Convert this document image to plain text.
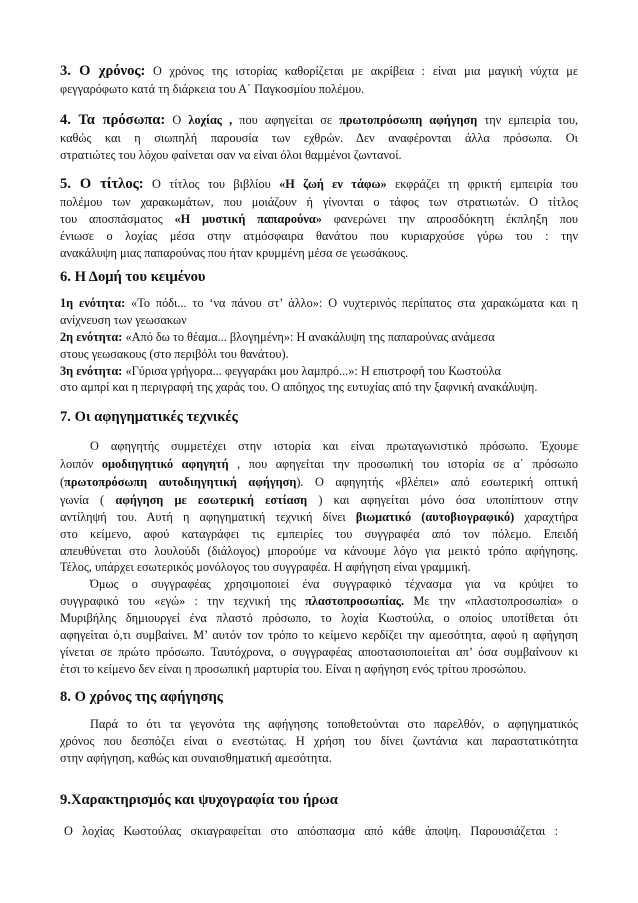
3. Ο χρόνος: Ο χρόνος της ιστορίας καθορίζεται με ακρίβεια : είναι μια μαγική νύχτα με
φεγγαρόφωτο κατά τη διάρκεια του Α΄ Παγκοσμίου πολέμου.
4. Τα πρόσωπα: Ο λοχίας , που αφηγείται σε πρωτοπρόσωπη αφήγηση την εμπειρία του,
καθώς και η σιωπηλή παρουσία των εχθρών. Δεν αναφέρονται άλλα πρόσωπα. Οι
στρατιώτες του λόχου φαίνεται σαν να είναι όλοι θαμμένοι ζωντανοί.
5. Ο τίτλος: Ο τίτλος του βιβλίου «Η ζωή εν τάφω» εκφράζει τη φρικτή εμπειρία του
πολέμου των χαρακωμάτων, που μοιάζουν ή γίνονται ο τάφος των στρατιωτών. Ο τίτλος
του αποσπάσματος «Η μυστική παπαρούνα» φανερώνει την απροσδόκητη έκπληξη που
ένιωσε ο λοχίας μέσα στην ατμόσφαιρα θανάτου που κυριαρχούσε γύρω του : την
ανακάλυψη μιας παπαρούνας που ήταν κρυμμένη μέσα σε γεωσάκους.
6. Η Δομή του κειμένου
1η ενότητα: «Το πόδι... το ‘να πάνου στ’ άλλο»: Ο νυχτερινός περίπατος στα χαρακώματα και η
ανίχνευση των γεωσακων
2η ενότητα: «Από δω το θέαμα... βλογημένη»: Η ανακάλυψη της παπαρούνας ανάμεσα
στους γεωσακους (στο περιβόλι του θανάτου).
3η ενότητα: «Γύρισα γρήγορα... φεγγαράκι μου λαμπρό...»: Η επιστροφή του Κωστούλα
στο αμπρί και η περιγραφή της χαράς του. Ο απόηχος της ευτυχίας από την ξαφνική ανακάλυψη.
7. Οι αφηγηματικές τεχνικές
Ο αφηγητής συμμετέχει στην ιστορία και είναι πρωταγωνιστικό πρόσωπο. Έχουμε
λοιπόν ομοδιηγητικό αφηγητή , που αφηγείται την προσωπική του ιστορία σε α΄ πρόσωπο
(πρωτοπρόσωπη αυτοδιηγητική αφήγηση). Ο αφηγητής «βλέπει» από εσωτερική οπτική
γωνία ( αφήγηση με εσωτερική εστίαση ) και αφηγείται μόνο όσα υποπίπτουν στην
αντίληψή του. Αυτή η αφηγηματική τεχνική δίνει βιωματικό (αυτοβιογραφικό) χαραχτήρα
στο κείμενο, αφού καταγράφει τις εμπειρίες του συγγραφέα από τον πόλεμο. Επειδή
απευθύνεται στο λουλούδι (διάλογος) μπορούμε να κάνουμε λόγο για μεικτό τρόπο αφήγησης.
Τέλος, υπάρχει εσωτερικός μονόλογος του συγγραφέα. Η αφήγηση είναι γραμμική.
Όμως ο συγγραφέας χρησιμοποιεί ένα συγγραφικό τέχνασμα για να κρύψει το
συγγραφικό του «εγώ» : την τεχνική της πλαστοπροσωπίας. Με την «πλαστοπροσωπία» ο
Μυριβήλης δημιουργεί ένα πλαστό πρόσωπο, το λοχία Κωστούλα, ο οποίος υποτίθεται ότι
αφηγείται ό,τι συμβαίνει. Μ’ αυτόν τον τρόπο το κείμενο κερδίζει την αμεσότητα, αφού η αφήγηση
γίνεται σε πρώτο πρόσωπο. Ταυτόχρονα, ο συγγραφέας αποστασιοποιείται απ’ όσα συμβαίνουν κι
έτσι το κείμενο δεν είναι η προσωπική μαρτυρία του. Είναι η αφήγηση ενός τρίτου προσώπου.
8. Ο χρόνος της αφήγησης
Παρά το ότι τα γεγονότα της αφήγησης τοποθετούνται στο παρελθόν, ο αφηγηματικός
χρόνος που δεσπόζει είναι ο ενεστώτας. Η χρήση του δίνει ζωντάνια και παραστατικότητα
στην αφήγηση, καθώς και συναισθηματική αμεσότητα.
9.Χαρακτηρισμός και ψυχογραφία του ήρωα
Ο λοχίας Κωστούλας σκιαγραφείται στο απόσπασμα από κάθε άποψη. Παρουσιάζεται :
